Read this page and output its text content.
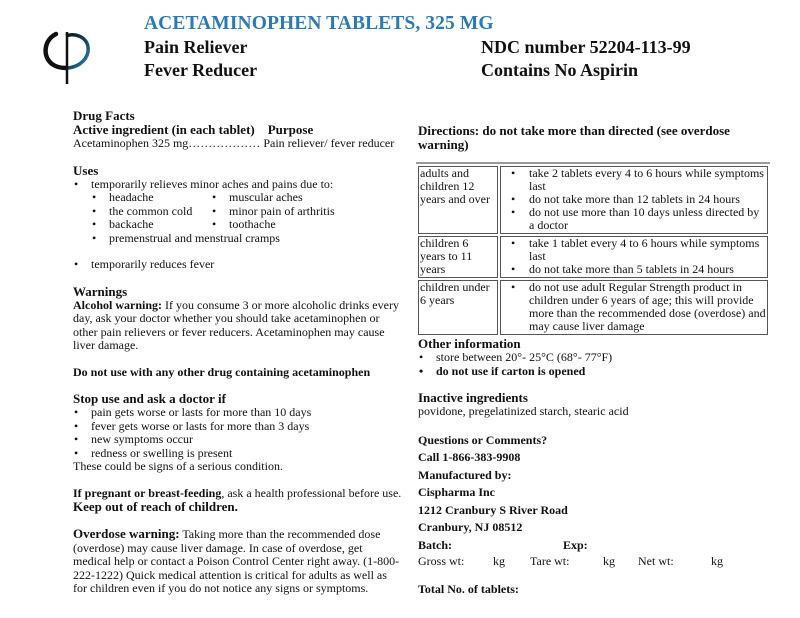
ACETAMINOPHEN TABLETS, 325 MG
Pain Reliever
Fever Reducer
NDC number 52204-113-99
Contains No Aspirin
Drug Facts
Active ingredient (in each tablet) Purpose
Acetaminophen 325 mg……………… Pain reliever/ fever reducer
Uses
• temporarily relieves minor aches and pains due to:
• headache	• muscular aches
• the common cold	• minor pain of arthritis
• backache	• toothache
• premenstrual and menstrual cramps
• temporarily reduces fever
Warnings
Alcohol warning: If you consume 3 or more alcoholic drinks every day, ask your doctor whether you should take acetaminophen or other pain relievers or fever reducers. Acetaminophen may cause liver damage.
Do not use with any other drug containing acetaminophen
Stop use and ask a doctor if
• pain gets worse or lasts for more than 10 days
• fever gets worse or lasts for more than 3 days
• new symptoms occur
• redness or swelling is present
These could be signs of a serious condition.
If pregnant or breast-feeding, ask a health professional before use.
Keep out of reach of children.
Overdose warning: Taking more than the recommended dose (overdose) may cause liver damage. In case of overdose, get medical help or contact a Poison Control Center right away. (1-800-222-1222) Quick medical attention is critical for adults as well as for children even if you do not notice any signs or symptoms.
Directions: do not take more than directed (see overdose warning)
adults and children 12 years and over	• take 2 tablets every 4 to 6 hours while symptoms last
• do not take more than 12 tablets in 24 hours
• do not use more than 10 days unless directed by a doctor

children 6 years to 11 years	• take 1 tablet every 4 to 6 hours while symptoms last
• do not take more than 5 tablets in 24 hours

children under 6 years	• do not use adult Regular Strength product in children under 6 years of age; this will provide more than the recommended dose (overdose) and may cause liver damage
Other information
• store between 20°- 25°C (68°- 77°F)
• do not use if carton is opened
Inactive ingredients
povidone, pregelatinized starch, stearic acid
Questions or Comments?
Call 1-866-383-9908
Manufactured by:
Cispharma Inc
1212 Cranbury S River Road
Cranbury, NJ 08512
Batch:	Exp:
Gross wt:	kg	Tare wt:	kg	Net wt:	kg
Total No. of tablets:
